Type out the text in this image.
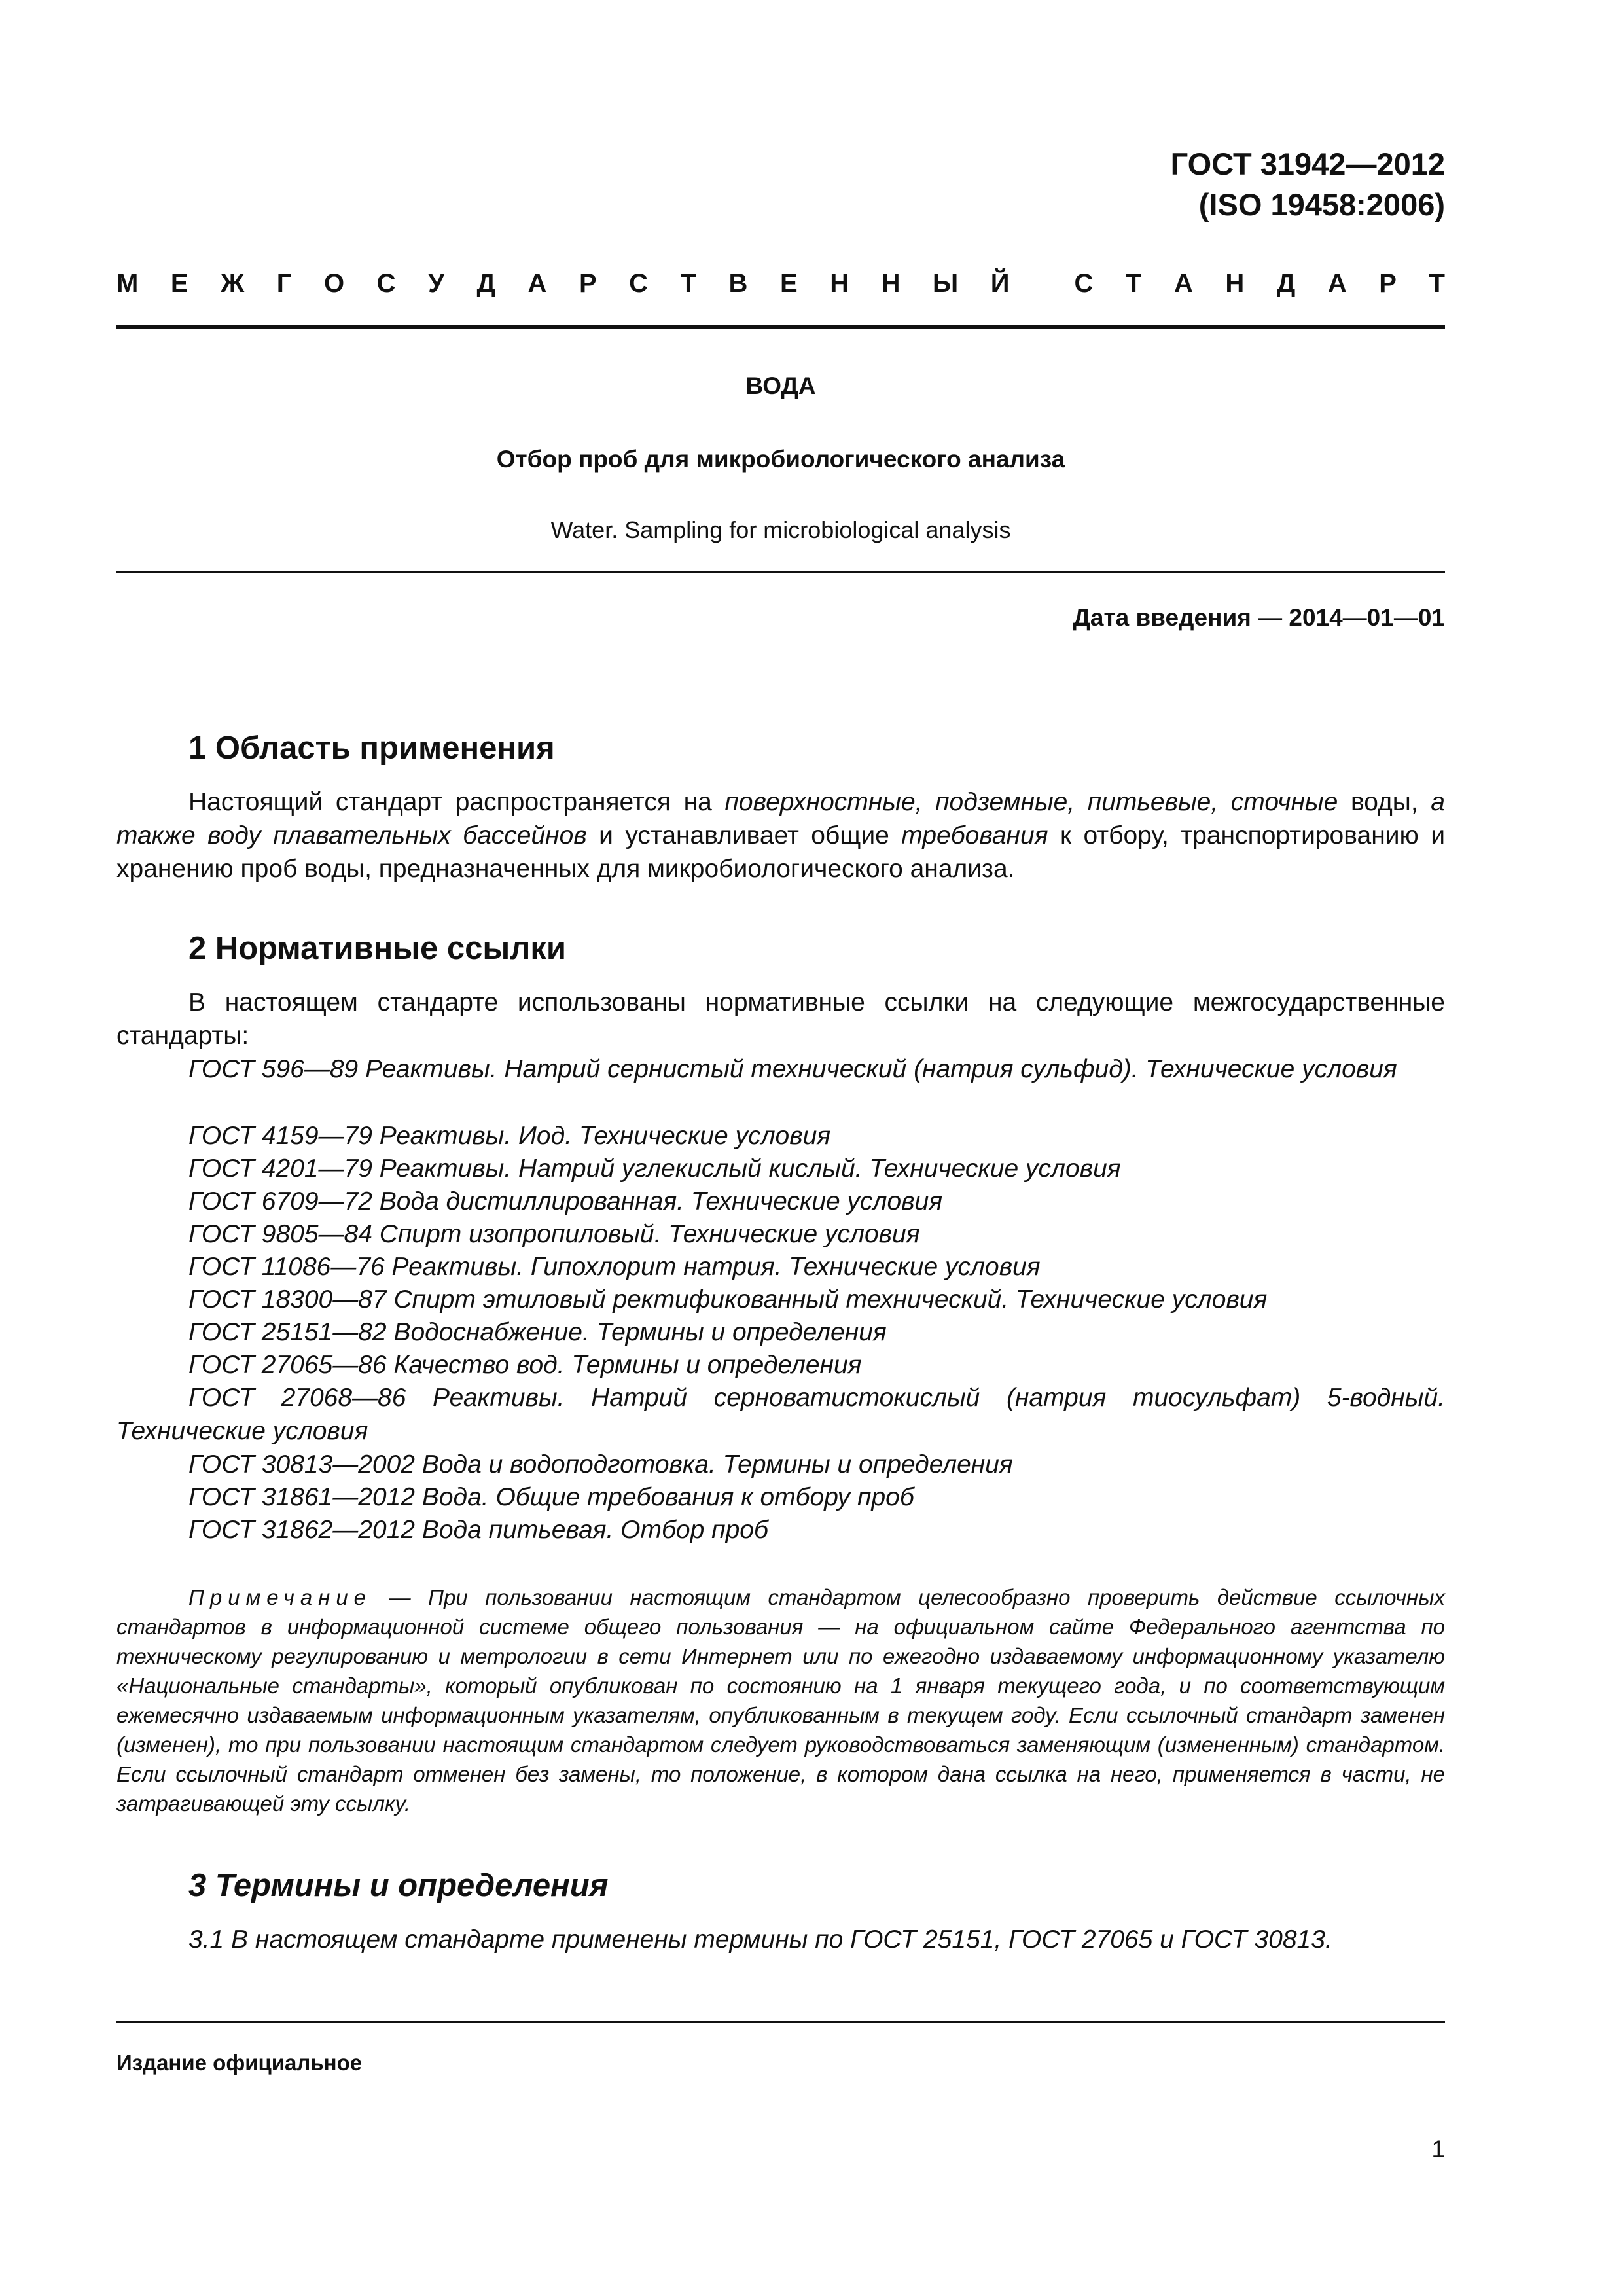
ГОСТ 31942—2012
(ISO 19458:2006)
М Е Ж Г О С У Д А Р С Т В Е Н Н Ы Й С Т А Н Д А Р Т
ВОДА
Отбор проб для микробиологического анализа
Water. Sampling for microbiological analysis
Дата введения — 2014—01—01
1 Область применения
Настоящий стандарт распространяется на поверхностные, подземные, питьевые, сточные воды, а также воду плавательных бассейнов и устанавливает общие требования к отбору, транспортированию и хранению проб воды, предназначенных для микробиологического анализа.
2 Нормативные ссылки
В настоящем стандарте использованы нормативные ссылки на следующие межгосударственные стандарты:
ГОСТ 596—89 Реактивы. Натрий сернистый технический (натрия сульфид). Технические условия
ГОСТ 4159—79 Реактивы. Иод. Технические условия
ГОСТ 4201—79 Реактивы. Натрий углекислый кислый. Технические условия
ГОСТ 6709—72 Вода дистиллированная. Технические условия
ГОСТ 9805—84 Спирт изопропиловый. Технические условия
ГОСТ 11086—76 Реактивы. Гипохлорит натрия. Технические условия
ГОСТ 18300—87 Спирт этиловый ректификованный технический. Технические условия
ГОСТ 25151—82 Водоснабжение. Термины и определения
ГОСТ 27065—86 Качество вод. Термины и определения
ГОСТ 27068—86 Реактивы. Натрий серноватистокислый (натрия тиосульфат) 5-водный. Технические условия
ГОСТ 30813—2002 Вода и водоподготовка. Термины и определения
ГОСТ 31861—2012 Вода. Общие требования к отбору проб
ГОСТ 31862—2012 Вода питьевая. Отбор проб
Примечание — При пользовании настоящим стандартом целесообразно проверить действие ссылочных стандартов в информационной системе общего пользования — на официальном сайте Федерального агентства по техническому регулированию и метрологии в сети Интернет или по ежегодно издаваемому информационному указателю «Национальные стандарты», который опубликован по состоянию на 1 января текущего года, и по соответствующим ежемесячно издаваемым информационным указателям, опубликованным в текущем году. Если ссылочный стандарт заменен (изменен), то при пользовании настоящим стандартом следует руководствоваться заменяющим (измененным) стандартом. Если ссылочный стандарт отменен без замены, то положение, в котором дана ссылка на него, применяется в части, не затрагивающей эту ссылку.
3 Термины и определения
3.1 В настоящем стандарте применены термины по ГОСТ 25151, ГОСТ 27065 и ГОСТ 30813.
Издание официальное
1
